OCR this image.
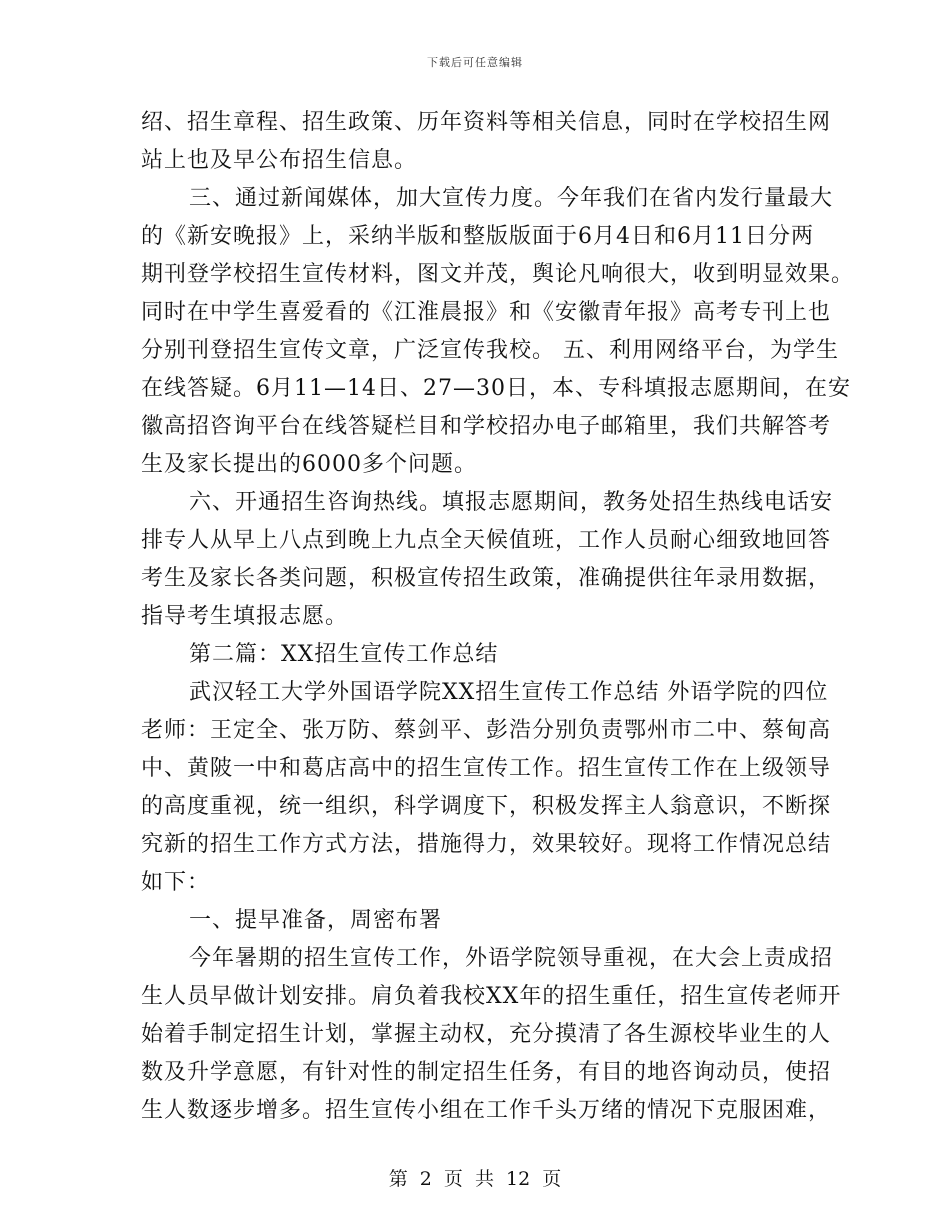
下载后可任意编辑
绍、招生章程、招生政策、历年资料等相关信息，同时在学校招生网
站上也及早公布招生信息。
三、通过新闻媒体，加大宣传力度。今年我们在省内发行量最大
的《新安晚报》上，采纳半版和整版版面于6月4日和6月11日分两
期刊登学校招生宣传材料，图文并茂，舆论凡响很大，收到明显效果。
同时在中学生喜爱看的《江淮晨报》和《安徽青年报》高考专刊上也
分别刊登招生宣传文章，广泛宣传我校。 五、利用网络平台，为学生
在线答疑。6月11—14日、27—30日，本、专科填报志愿期间，在安
徽高招咨询平台在线答疑栏目和学校招办电子邮箱里，我们共解答考
生及家长提出的6000多个问题。
六、开通招生咨询热线。填报志愿期间，教务处招生热线电话安
排专人从早上八点到晚上九点全天候值班，工作人员耐心细致地回答
考生及家长各类问题，积极宣传招生政策，准确提供往年录用数据，
指导考生填报志愿。
第二篇：XX招生宣传工作总结
武汉轻工大学外国语学院XX招生宣传工作总结 外语学院的四位
老师：王定全、张万防、蔡剑平、彭浩分别负责鄂州市二中、蔡甸高
中、黄陂一中和葛店高中的招生宣传工作。招生宣传工作在上级领导
的高度重视，统一组织，科学调度下，积极发挥主人翁意识，不断探
究新的招生工作方式方法，措施得力，效果较好。现将工作情况总结
如下：
一、提早准备，周密布署
今年暑期的招生宣传工作，外语学院领导重视，在大会上责成招
生人员早做计划安排。肩负着我校XX年的招生重任，招生宣传老师开
始着手制定招生计划，掌握主动权，充分摸清了各生源校毕业生的人
数及升学意愿，有针对性的制定招生任务，有目的地咨询动员，使招
生人数逐步增多。招生宣传小组在工作千头万绪的情况下克服困难，
第 2 页 共 12 页
